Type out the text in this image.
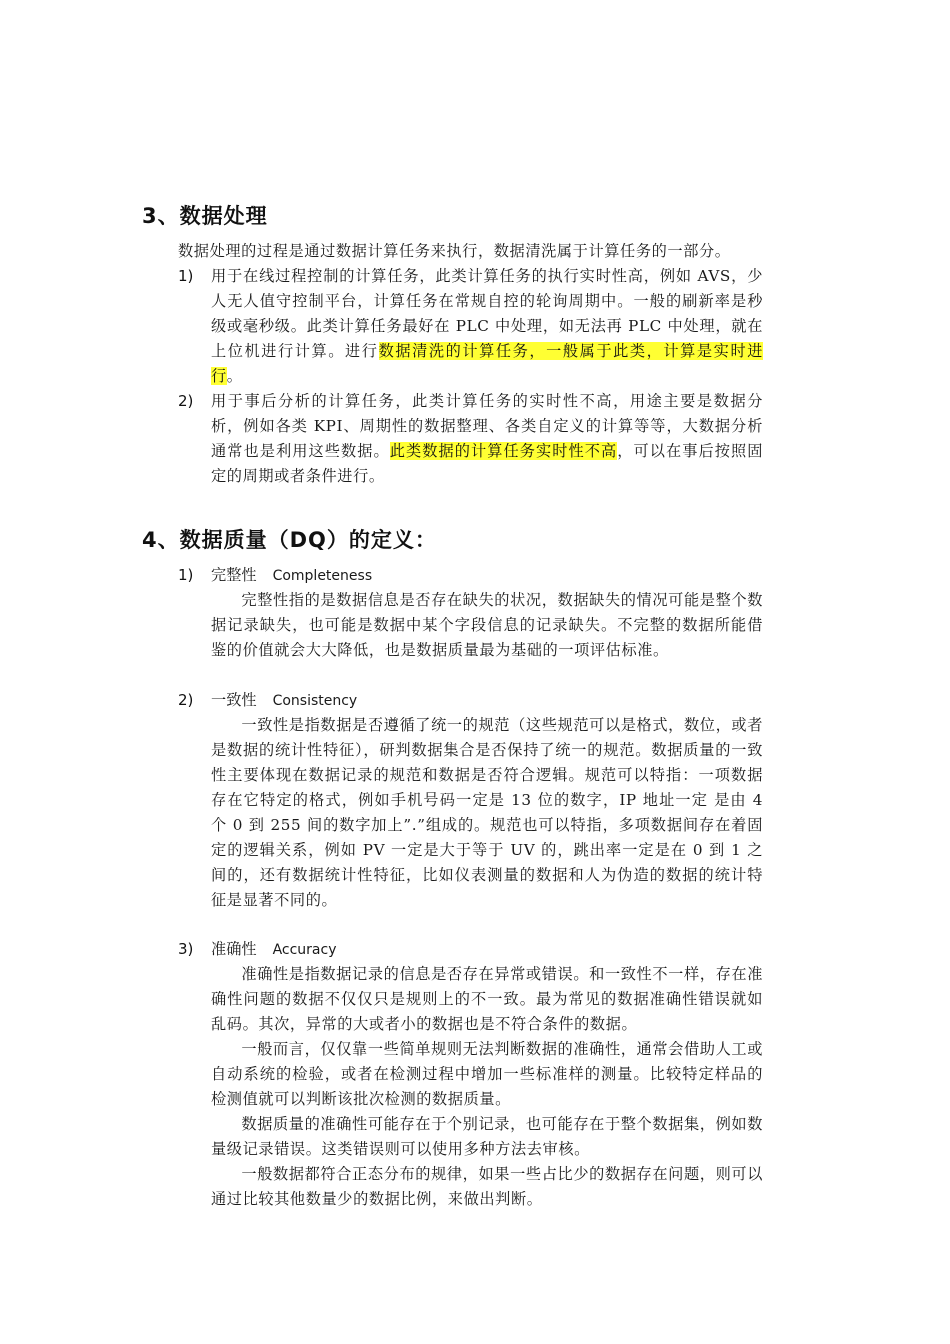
3、数据处理
数据处理的过程是通过数据计算任务来执行，数据清洗属于计算任务的一部分。
1) 用于在线过程控制的计算任务，此类计算任务的执行实时性高，例如 AVS，少人无人值守控制平台，计算任务在常规自控的轮询周期中。一般的刷新率是秒级或毫秒级。此类计算任务最好在 PLC 中处理，如无法再 PLC 中处理，就在上位机进行计算。进行数据清洗的计算任务，一般属于此类，计算是实时进行。
2) 用于事后分析的计算任务，此类计算任务的实时性不高，用途主要是数据分析，例如各类 KPI、周期性的数据整理、各类自定义的计算等等，大数据分析通常也是利用这些数据。此类数据的计算任务实时性不高，可以在事后按照固定的周期或者条件进行。
4、数据质量（DQ）的定义：
1) 完整性 Completeness
完整性指的是数据信息是否存在缺失的状况，数据缺失的情况可能是整个数据记录缺失，也可能是数据中某个字段信息的记录缺失。不完整的数据所能借鉴的价值就会大大降低，也是数据质量最为基础的一项评估标准。
2) 一致性 Consistency
一致性是指数据是否遵循了统一的规范（这些规范可以是格式，数位，或者是数据的统计性特征），研判数据集合是否保持了统一的规范。数据质量的一致性主要体现在数据记录的规范和数据是否符合逻辑。规范可以特指：一项数据存在它特定的格式，例如手机号码一定是 13 位的数字，IP 地址一定 是由 4 个 0 到 255 间的数字加上”.”组成的。规范也可以特指，多项数据间存在着固定的逻辑关系，例如 PV 一定是大于等于 UV 的，跳出率一定是在 0 到 1 之间的，还有数据统计性特征，比如仪表测量的数据和人为伪造的数据的统计特征是显著不同的。
3) 准确性 Accuracy
准确性是指数据记录的信息是否存在异常或错误。和一致性不一样，存在准确性问题的数据不仅仅只是规则上的不一致。最为常见的数据准确性错误就如乱码。其次，异常的大或者小的数据也是不符合条件的数据。
一般而言，仅仅靠一些简单规则无法判断数据的准确性，通常会借助人工或自动系统的检验，或者在检测过程中增加一些标准样的测量。比较特定样品的检测值就可以判断该批次检测的数据质量。
数据质量的准确性可能存在于个别记录，也可能存在于整个数据集，例如数量级记录错误。这类错误则可以使用多种方法去审核。
一般数据都符合正态分布的规律，如果一些占比少的数据存在问题，则可以通过比较其他数量少的数据比例，来做出判断。
